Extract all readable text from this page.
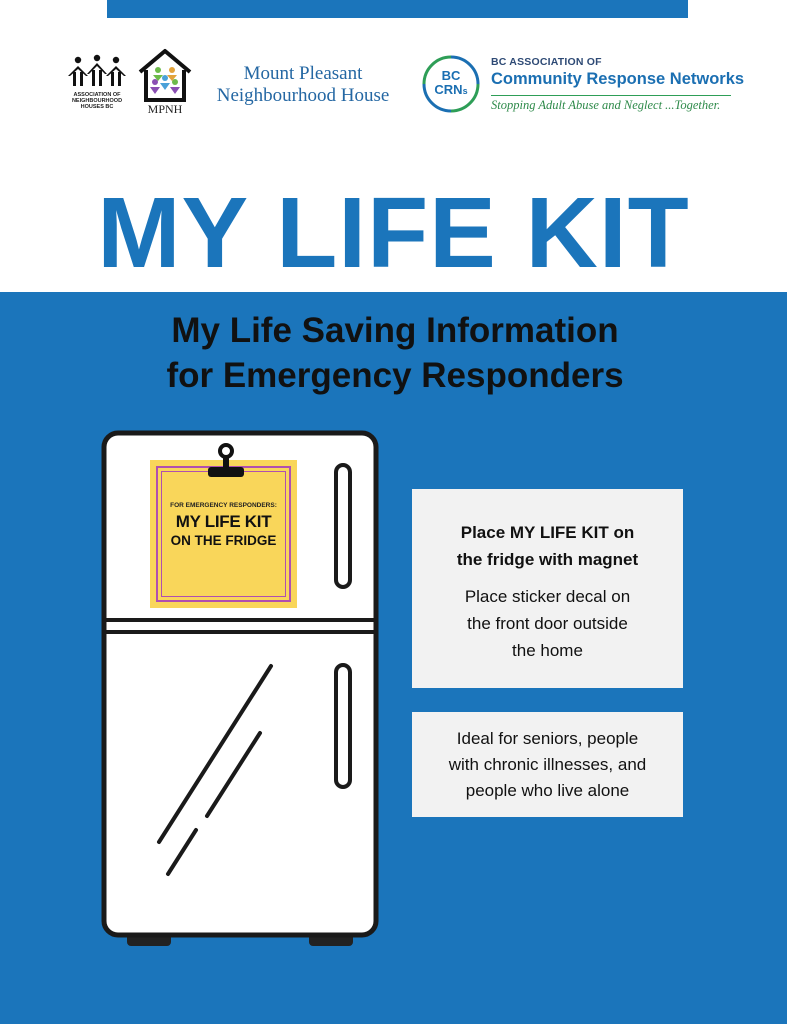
ASSOCIATION OF
NEIGHBOURHOOD
HOUSES BC	MPNH
Mount Pleasant
Neighbourhood House
BC
CRNs
BC ASSOCIATION OF
Community Response Networks
Stopping Adult Abuse and Neglect ...Together.
MY LIFE KIT
My Life Saving Information
for Emergency Responders
FOR EMERGENCY RESPONDERS:
MY LIFE KIT
ON THE FRIDGE	Place MY LIFE KIT on
the fridge with magnet
Place sticker decal on
the front door outside
the home
Ideal for seniors, people
with chronic illnesses, and
people who live alone
